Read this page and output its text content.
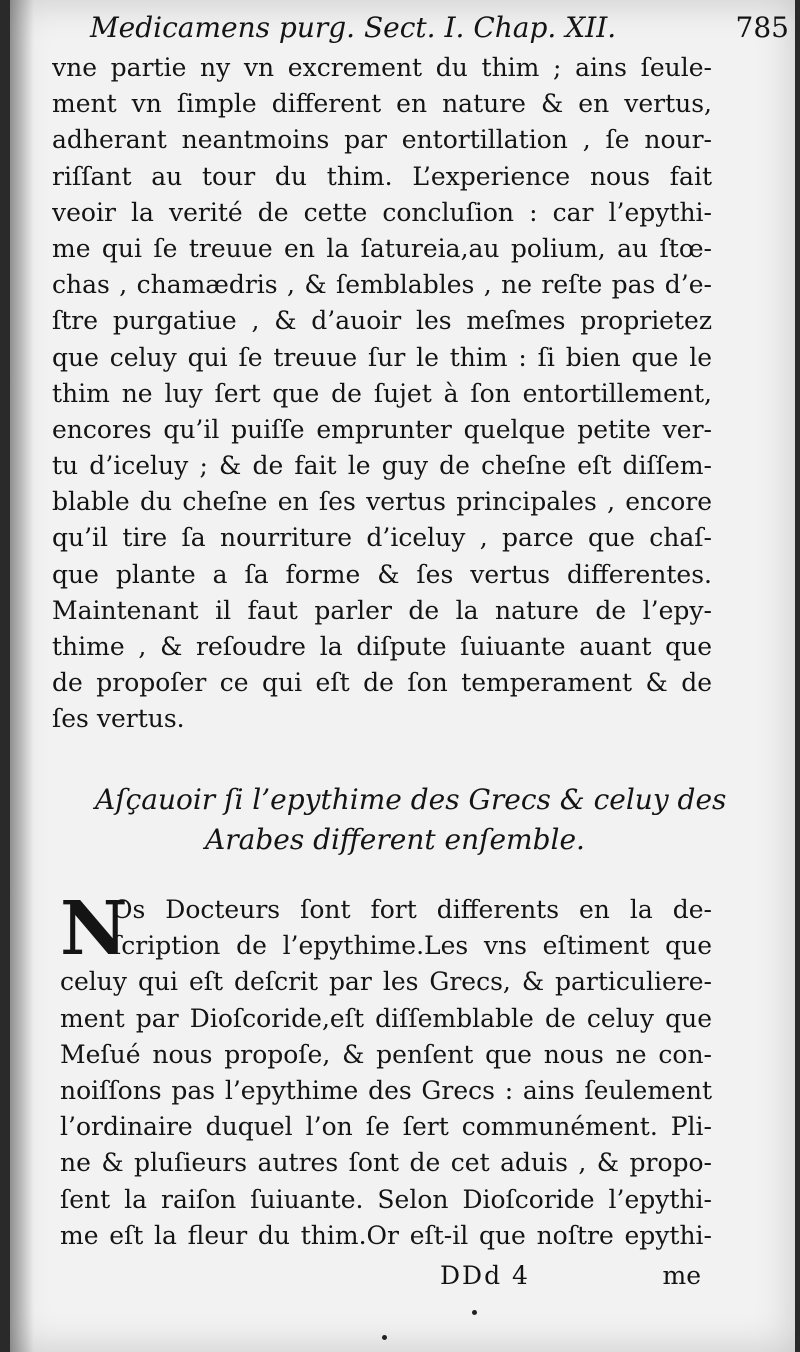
Medicamens purg. Sect. I. Chap. XII.	785
vne partie ny vn excrement du thim ; ains ſeule-
ment vn ſimple different en nature & en vertus,
adherant neantmoins par entortillation , ſe nour-
riſſant au tour du thim. L’experience nous fait
veoir la verité de cette concluſion : car l’epythi-
me qui ſe treuue en la ſatureia,au polium, au ſtœ-
chas , chamædris , & ſemblables , ne reſte pas d’e-
ſtre purgatiue , & d’auoir les meſmes proprietez
que celuy qui ſe treuue ſur le thim : ſi bien que le
thim ne luy ſert que de ſujet à ſon entortillement,
encores qu’il puiſſe emprunter quelque petite ver-
tu d’iceluy ; & de fait le guy de cheſne eſt diſſem-
blable du cheſne en ſes vertus principales , encore
qu’il tire ſa nourriture d’iceluy , parce que chaſ-
que plante a ſa forme & ſes vertus differentes.
Maintenant il faut parler de la nature de l’epy-
thime , & reſoudre la diſpute ſuiuante auant que
de propoſer ce qui eſt de ſon temperament & de
ſes vertus.
Aſçauoir ſi l’epythime des Grecs & celuy des
Arabes different enſemble.
N
Os Docteurs ſont fort differents en la de-
ſcription de l’epythime.Les vns eſtiment que
celuy qui eſt deſcrit par les Grecs, & particuliere-
ment par Dioſcoride,eſt diſſemblable de celuy que
Meſué nous propoſe, & penſent que nous ne con-
noiſſons pas l’epythime des Grecs : ains ſeulement
l’ordinaire duquel l’on ſe ſert communément. Pli-
ne & pluſieurs autres ſont de cet aduis , & propo-
ſent la raiſon ſuiuante. Selon Dioſcoride l’epythi-
me eſt la fleur du thim.Or eſt-il que noſtre epythi-
DDd 4	me
